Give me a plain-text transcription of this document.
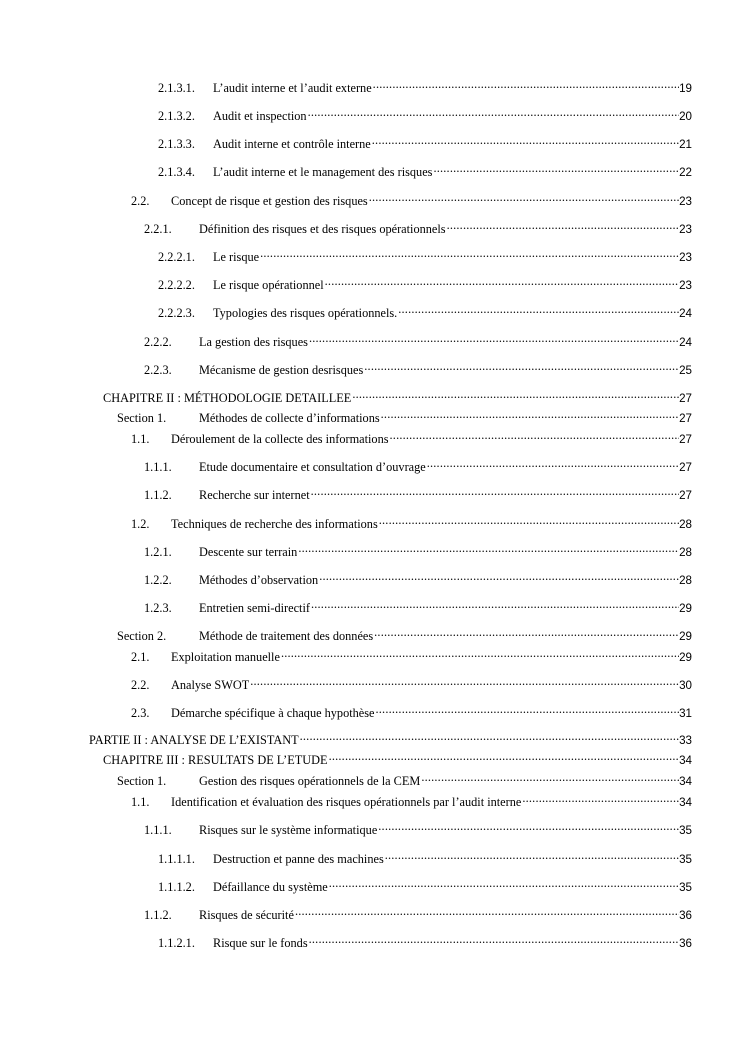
2.1.3.1.	L’audit interne et l’audit externe .....	19
2.1.3.2.	Audit et inspection .....	20
2.1.3.3.	Audit interne et contrôle interne .....	21
2.1.3.4.	L’audit interne et le management des risques .....	22
2.2.	Concept de risque et gestion des risques .....	23
2.2.1.	Définition des risques et des risques opérationnels .....	23
2.2.2.1.	Le risque .....	23
2.2.2.2.	Le risque opérationnel .....	23
2.2.2.3.	Typologies des risques opérationnels. .....	24
2.2.2.	La gestion des risques .....	24
2.2.3.	Mécanisme de gestion desrisques .....	25
CHAPITRE II : MÉTHODOLOGIE DETAILLEE .....	27
Section 1.	Méthodes de collecte d’informations .....	27
1.1.	Déroulement de la collecte des informations .....	27
1.1.1.	Etude documentaire et consultation d’ouvrage .....	27
1.1.2.	Recherche sur internet .....	27
1.2.	Techniques de recherche des informations .....	28
1.2.1.	Descente sur terrain .....	28
1.2.2.	Méthodes d’observation .....	28
1.2.3.	Entretien semi-directif .....	29
Section 2.	Méthode de traitement des données .....	29
2.1.	Exploitation manuelle .....	29
2.2.	Analyse SWOT .....	30
2.3.	Démarche spécifique à chaque hypothèse .....	31
PARTIE II : ANALYSE DE L’EXISTANT .....	33
CHAPITRE III : RESULTATS DE L’ETUDE .....	34
Section 1.	Gestion des risques opérationnels de la CEM .....	34
1.1.	Identification et évaluation des risques opérationnels par l’audit interne .....	34
1.1.1.	Risques sur le système informatique .....	35
1.1.1.1.	Destruction et panne des machines .....	35
1.1.1.2.	Défaillance du système .....	35
1.1.2.	Risques de sécurité .....	36
1.1.2.1.	Risque sur le fonds .....	36
